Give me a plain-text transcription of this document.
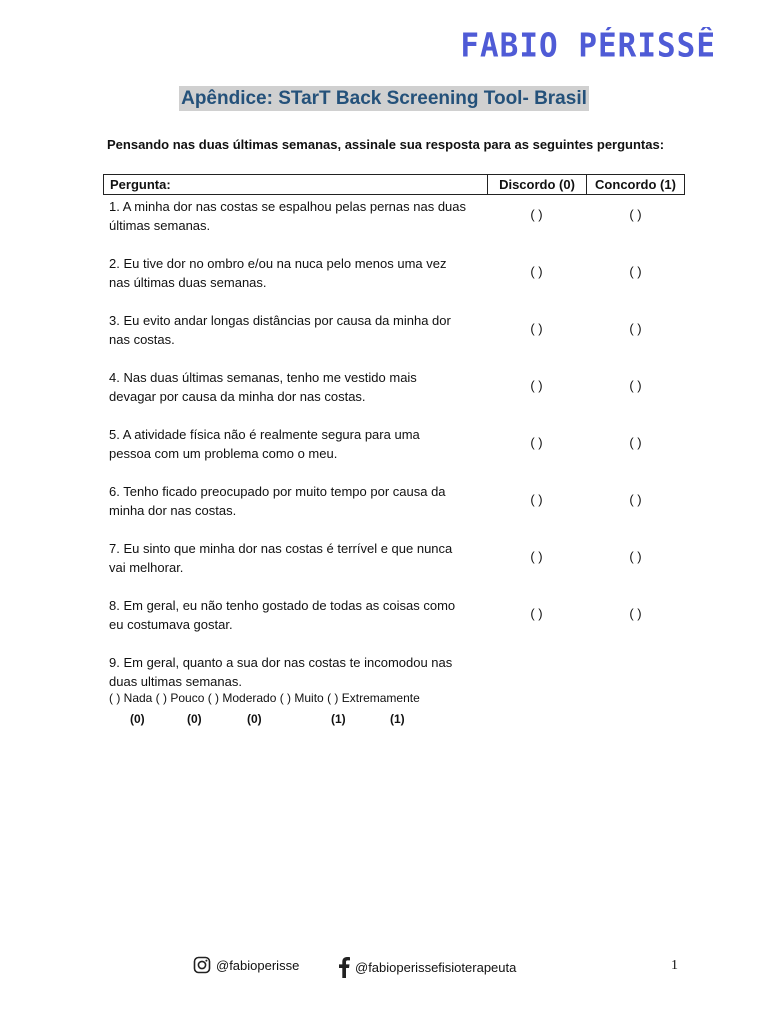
FABIO PÉRISSÊ
Apêndice: STarT Back Screening Tool- Brasil
Pensando nas duas últimas semanas, assinale sua resposta para as seguintes perguntas:
Pergunta:	Discordo (0)	Concordo (1)
1. A minha dor nas costas se espalhou pelas pernas nas duas
últimas semanas.
( )	( )
2. Eu tive dor no ombro e/ou na nuca pelo menos uma vez
nas últimas duas semanas.
( )	( )
3. Eu evito andar longas distâncias por causa da minha dor
nas costas.
( )	( )
4. Nas duas últimas semanas, tenho me vestido mais
devagar por causa da minha dor nas costas.
( )	( )
5. A atividade física não é realmente segura para uma
pessoa com um problema como o meu.
( )	( )
6. Tenho ficado preocupado por muito tempo por causa da
minha dor nas costas.
( )	( )
7. Eu sinto que minha dor nas costas é terrível e que nunca
vai melhorar.
( )	( )
8. Em geral, eu não tenho gostado de todas as coisas como
eu costumava gostar.
( )	( )
9. Em geral, quanto a sua dor nas costas te incomodou nas
duas ultimas semanas.
( ) Nada ( ) Pouco ( ) Moderado ( ) Muito ( ) Extremamente
(0)	(0)	(0)	(1)	(1)
@fabioperisse	@fabioperissefisioterapeuta	1
